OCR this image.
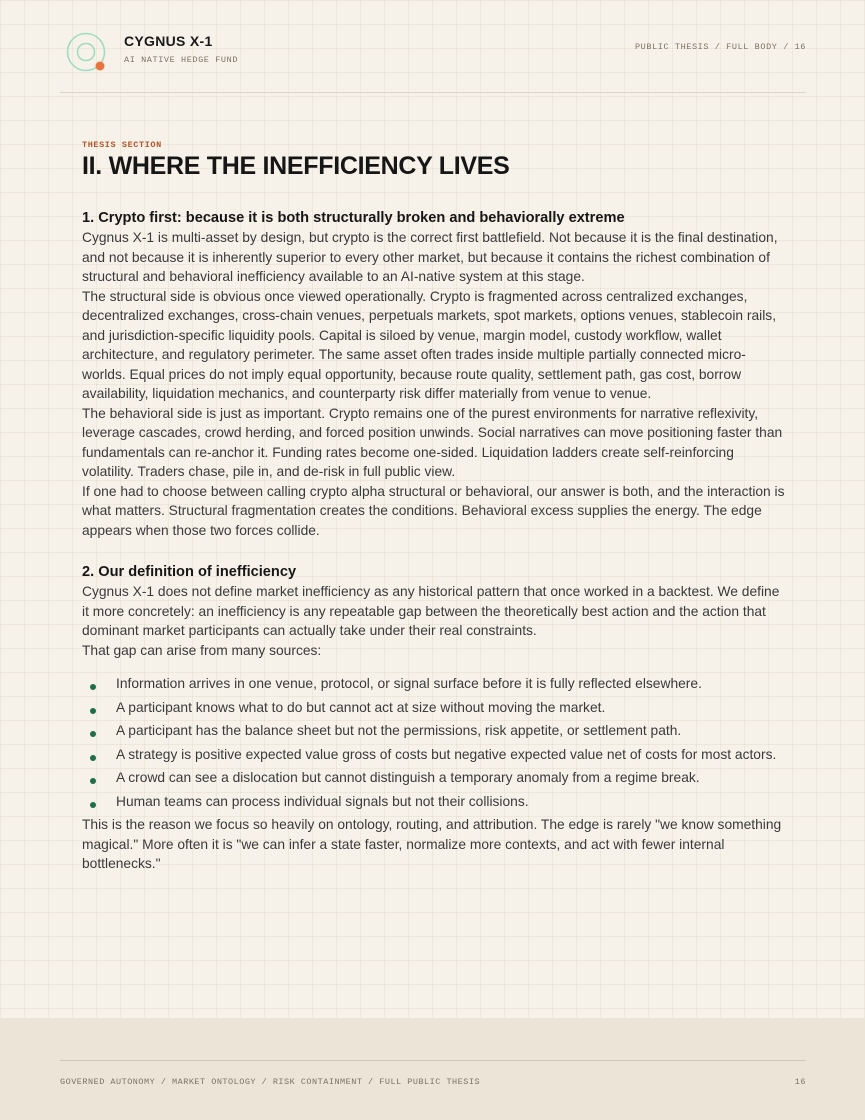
CYGNUS X-1
AI NATIVE HEDGE FUND
PUBLIC THESIS / FULL BODY / 16
THESIS SECTION
II. WHERE THE INEFFICIENCY LIVES
1. Crypto first: because it is both structurally broken and behaviorally extreme

Cygnus X-1 is multi-asset by design, but crypto is the correct first battlefield. Not because it is the final destination, and not because it is inherently superior to every other market, but because it contains the richest combination of structural and behavioral inefficiency available to an AI-native system at this stage.

The structural side is obvious once viewed operationally. Crypto is fragmented across centralized exchanges, decentralized exchanges, cross-chain venues, perpetuals markets, spot markets, options venues, stablecoin rails, and jurisdiction-specific liquidity pools. Capital is siloed by venue, margin model, custody workflow, wallet architecture, and regulatory perimeter. The same asset often trades inside multiple partially connected micro-worlds. Equal prices do not imply equal opportunity, because route quality, settlement path, gas cost, borrow availability, liquidation mechanics, and counterparty risk differ materially from venue to venue.

The behavioral side is just as important. Crypto remains one of the purest environments for narrative reflexivity, leverage cascades, crowd herding, and forced position unwinds. Social narratives can move positioning faster than fundamentals can re-anchor it. Funding rates become one-sided. Liquidation ladders create self-reinforcing volatility. Traders chase, pile in, and de-risk in full public view.

If one had to choose between calling crypto alpha structural or behavioral, our answer is both, and the interaction is what matters. Structural fragmentation creates the conditions. Behavioral excess supplies the energy. The edge appears when those two forces collide.

2. Our definition of inefficiency

Cygnus X-1 does not define market inefficiency as any historical pattern that once worked in a backtest. We define it more concretely: an inefficiency is any repeatable gap between the theoretically best action and the action that dominant market participants can actually take under their real constraints.

That gap can arise from many sources:

Information arrives in one venue, protocol, or signal surface before it is fully reflected elsewhere.
A participant knows what to do but cannot act at size without moving the market.
A participant has the balance sheet but not the permissions, risk appetite, or settlement path.
A strategy is positive expected value gross of costs but negative expected value net of costs for most actors.
A crowd can see a dislocation but cannot distinguish a temporary anomaly from a regime break.
Human teams can process individual signals but not their collisions.

This is the reason we focus so heavily on ontology, routing, and attribution. The edge is rarely "we know something magical." More often it is "we can infer a state faster, normalize more contexts, and act with fewer internal bottlenecks."

GOVERNED AUTONOMY / MARKET ONTOLOGY / RISK CONTAINMENT / FULL PUBLIC THESIS	16
